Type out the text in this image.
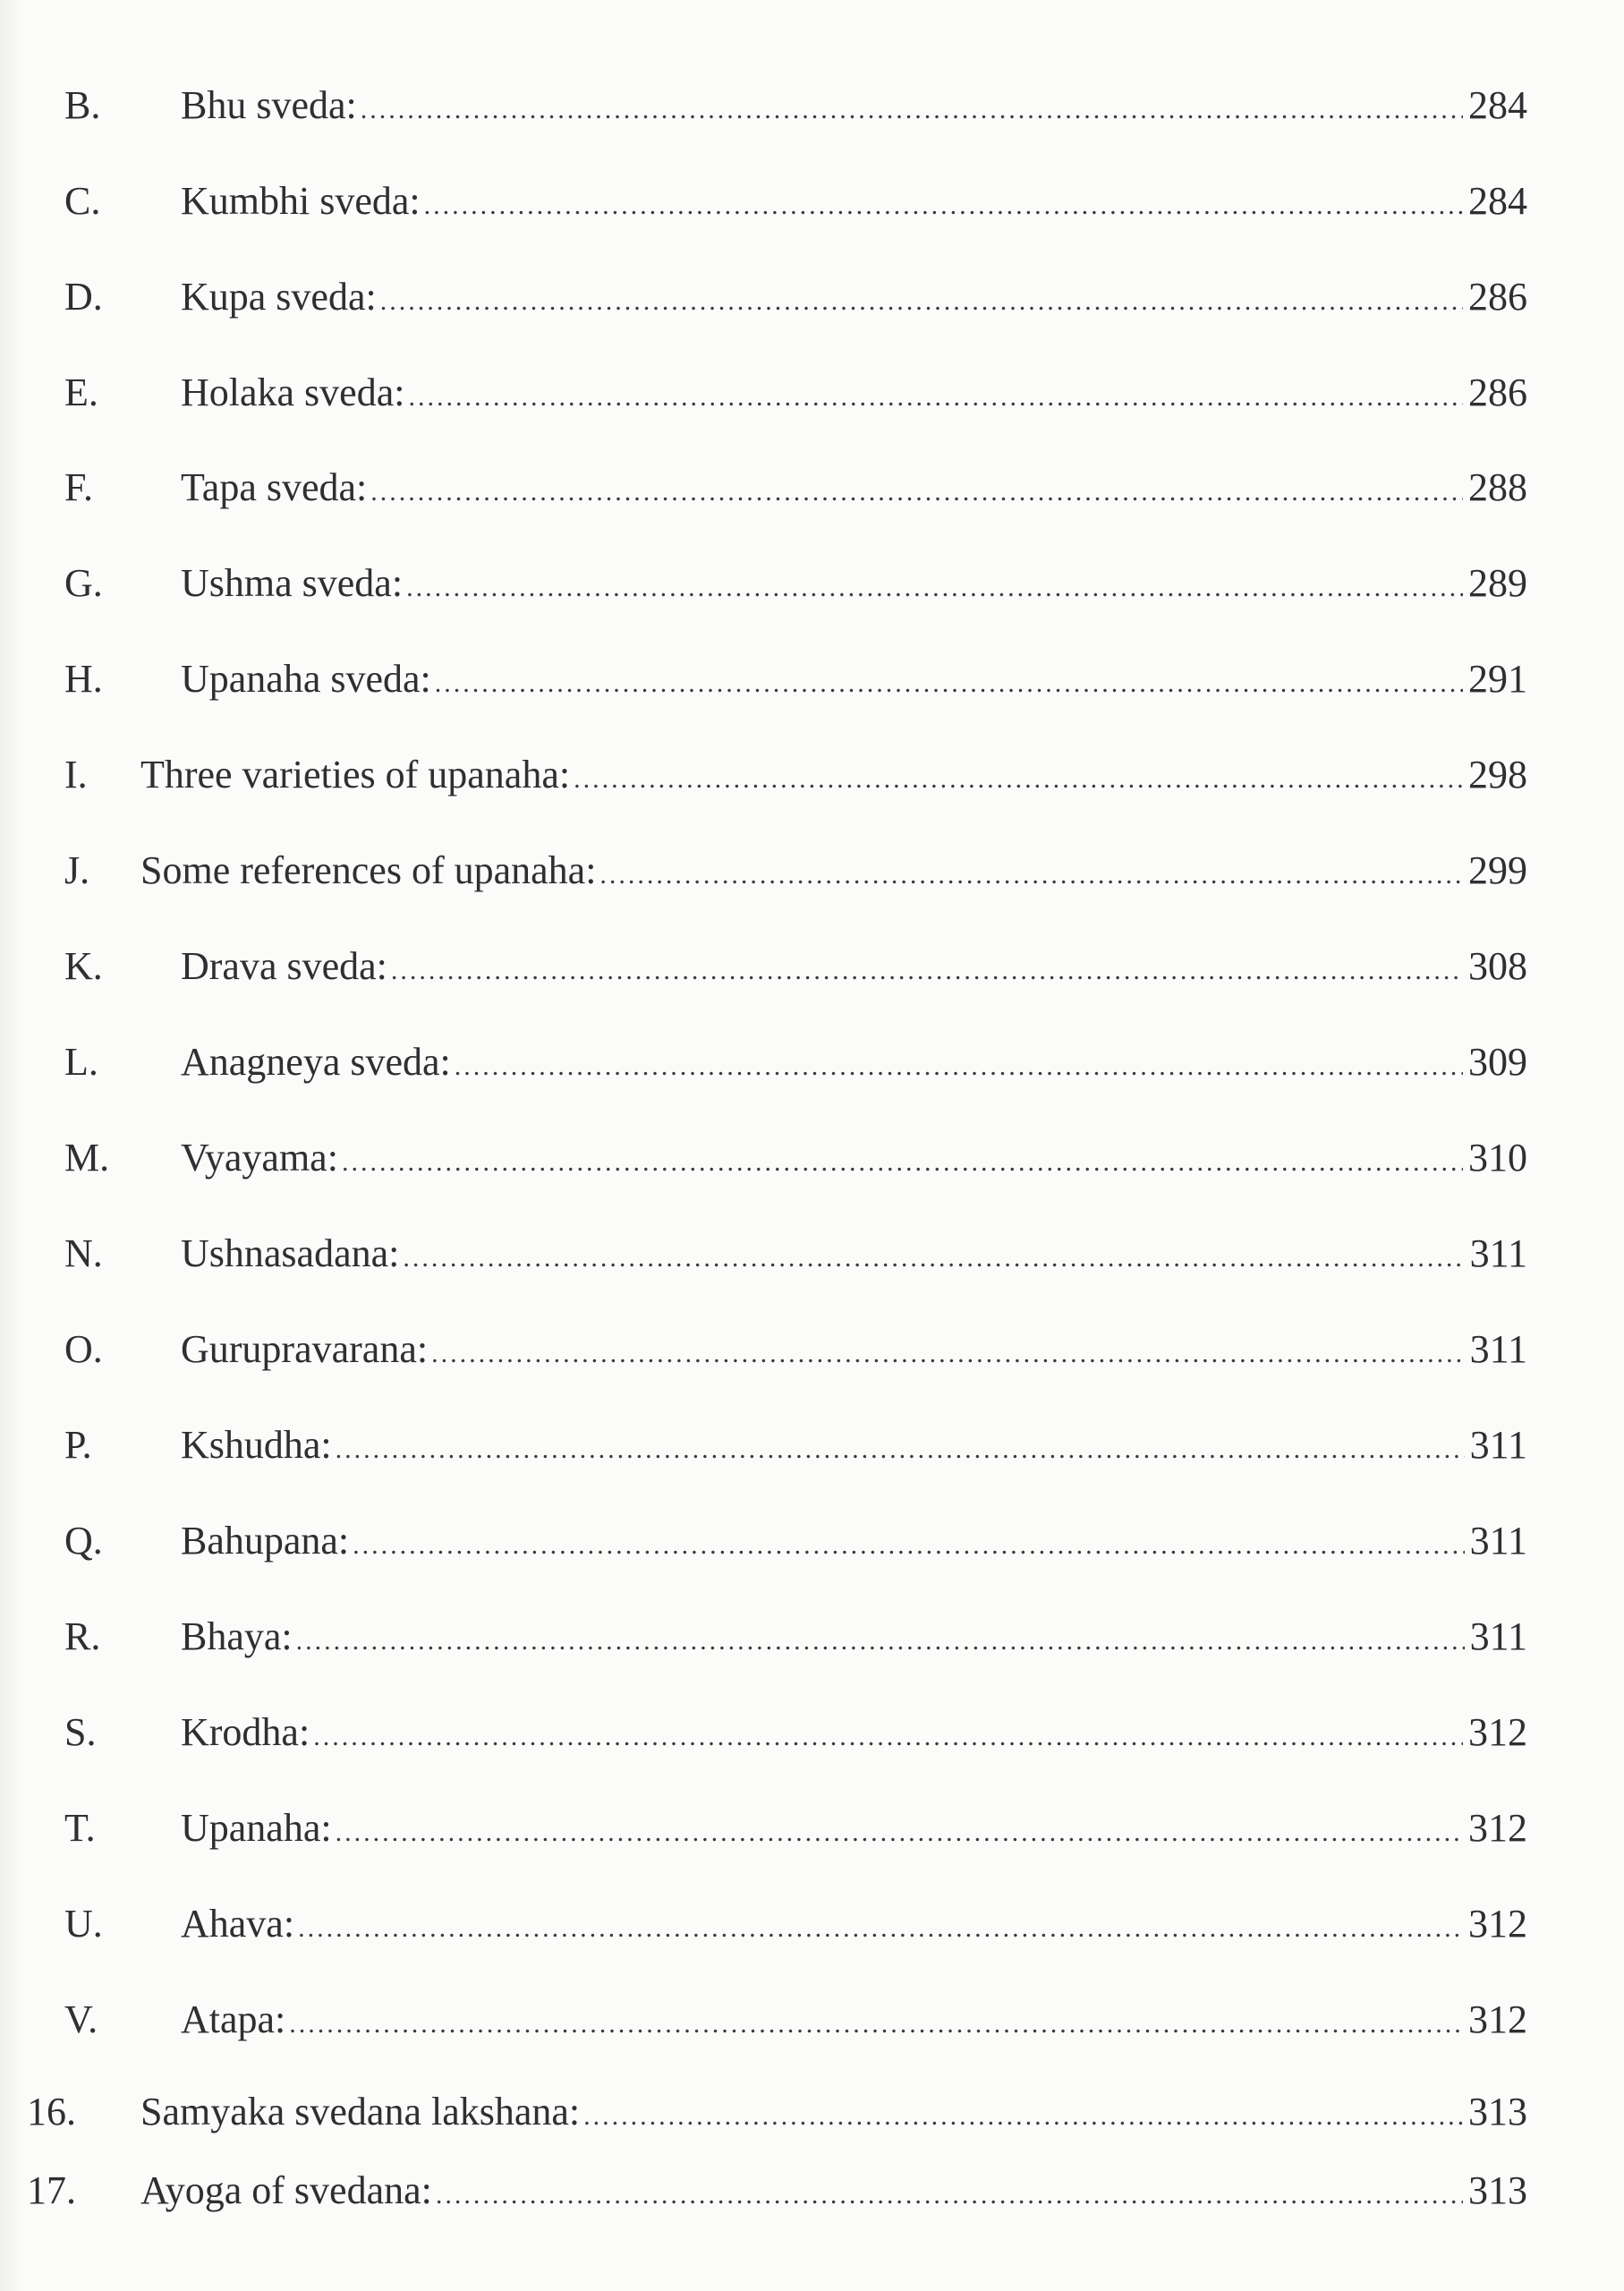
B. Bhu sveda: .....	284
C. Kumbhi sveda: .....	284
D. Kupa sveda: .....	286
E. Holaka sveda: .....	286
F. Tapa sveda: .....	288
G. Ushma sveda: .....	289
H. Upanaha sveda: .....	291
I. Three varieties of upanaha: .....	298
J. Some references of upanaha: .....	299
K. Drava sveda: .....	308
L. Anagneya sveda: .....	309
M. Vyayama: .....	310
N. Ushnasadana: .....	311
O. Gurupravarana: .....	311
P. Kshudha: .....	311
Q. Bahupana: .....	311
R. Bhaya: .....	311
S. Krodha: .....	312
T. Upanaha: .....	312
U. Ahava: .....	312
V. Atapa: .....	312
16. Samyaka svedana lakshana: .....	313
17. Ayoga of svedana: .....	313
